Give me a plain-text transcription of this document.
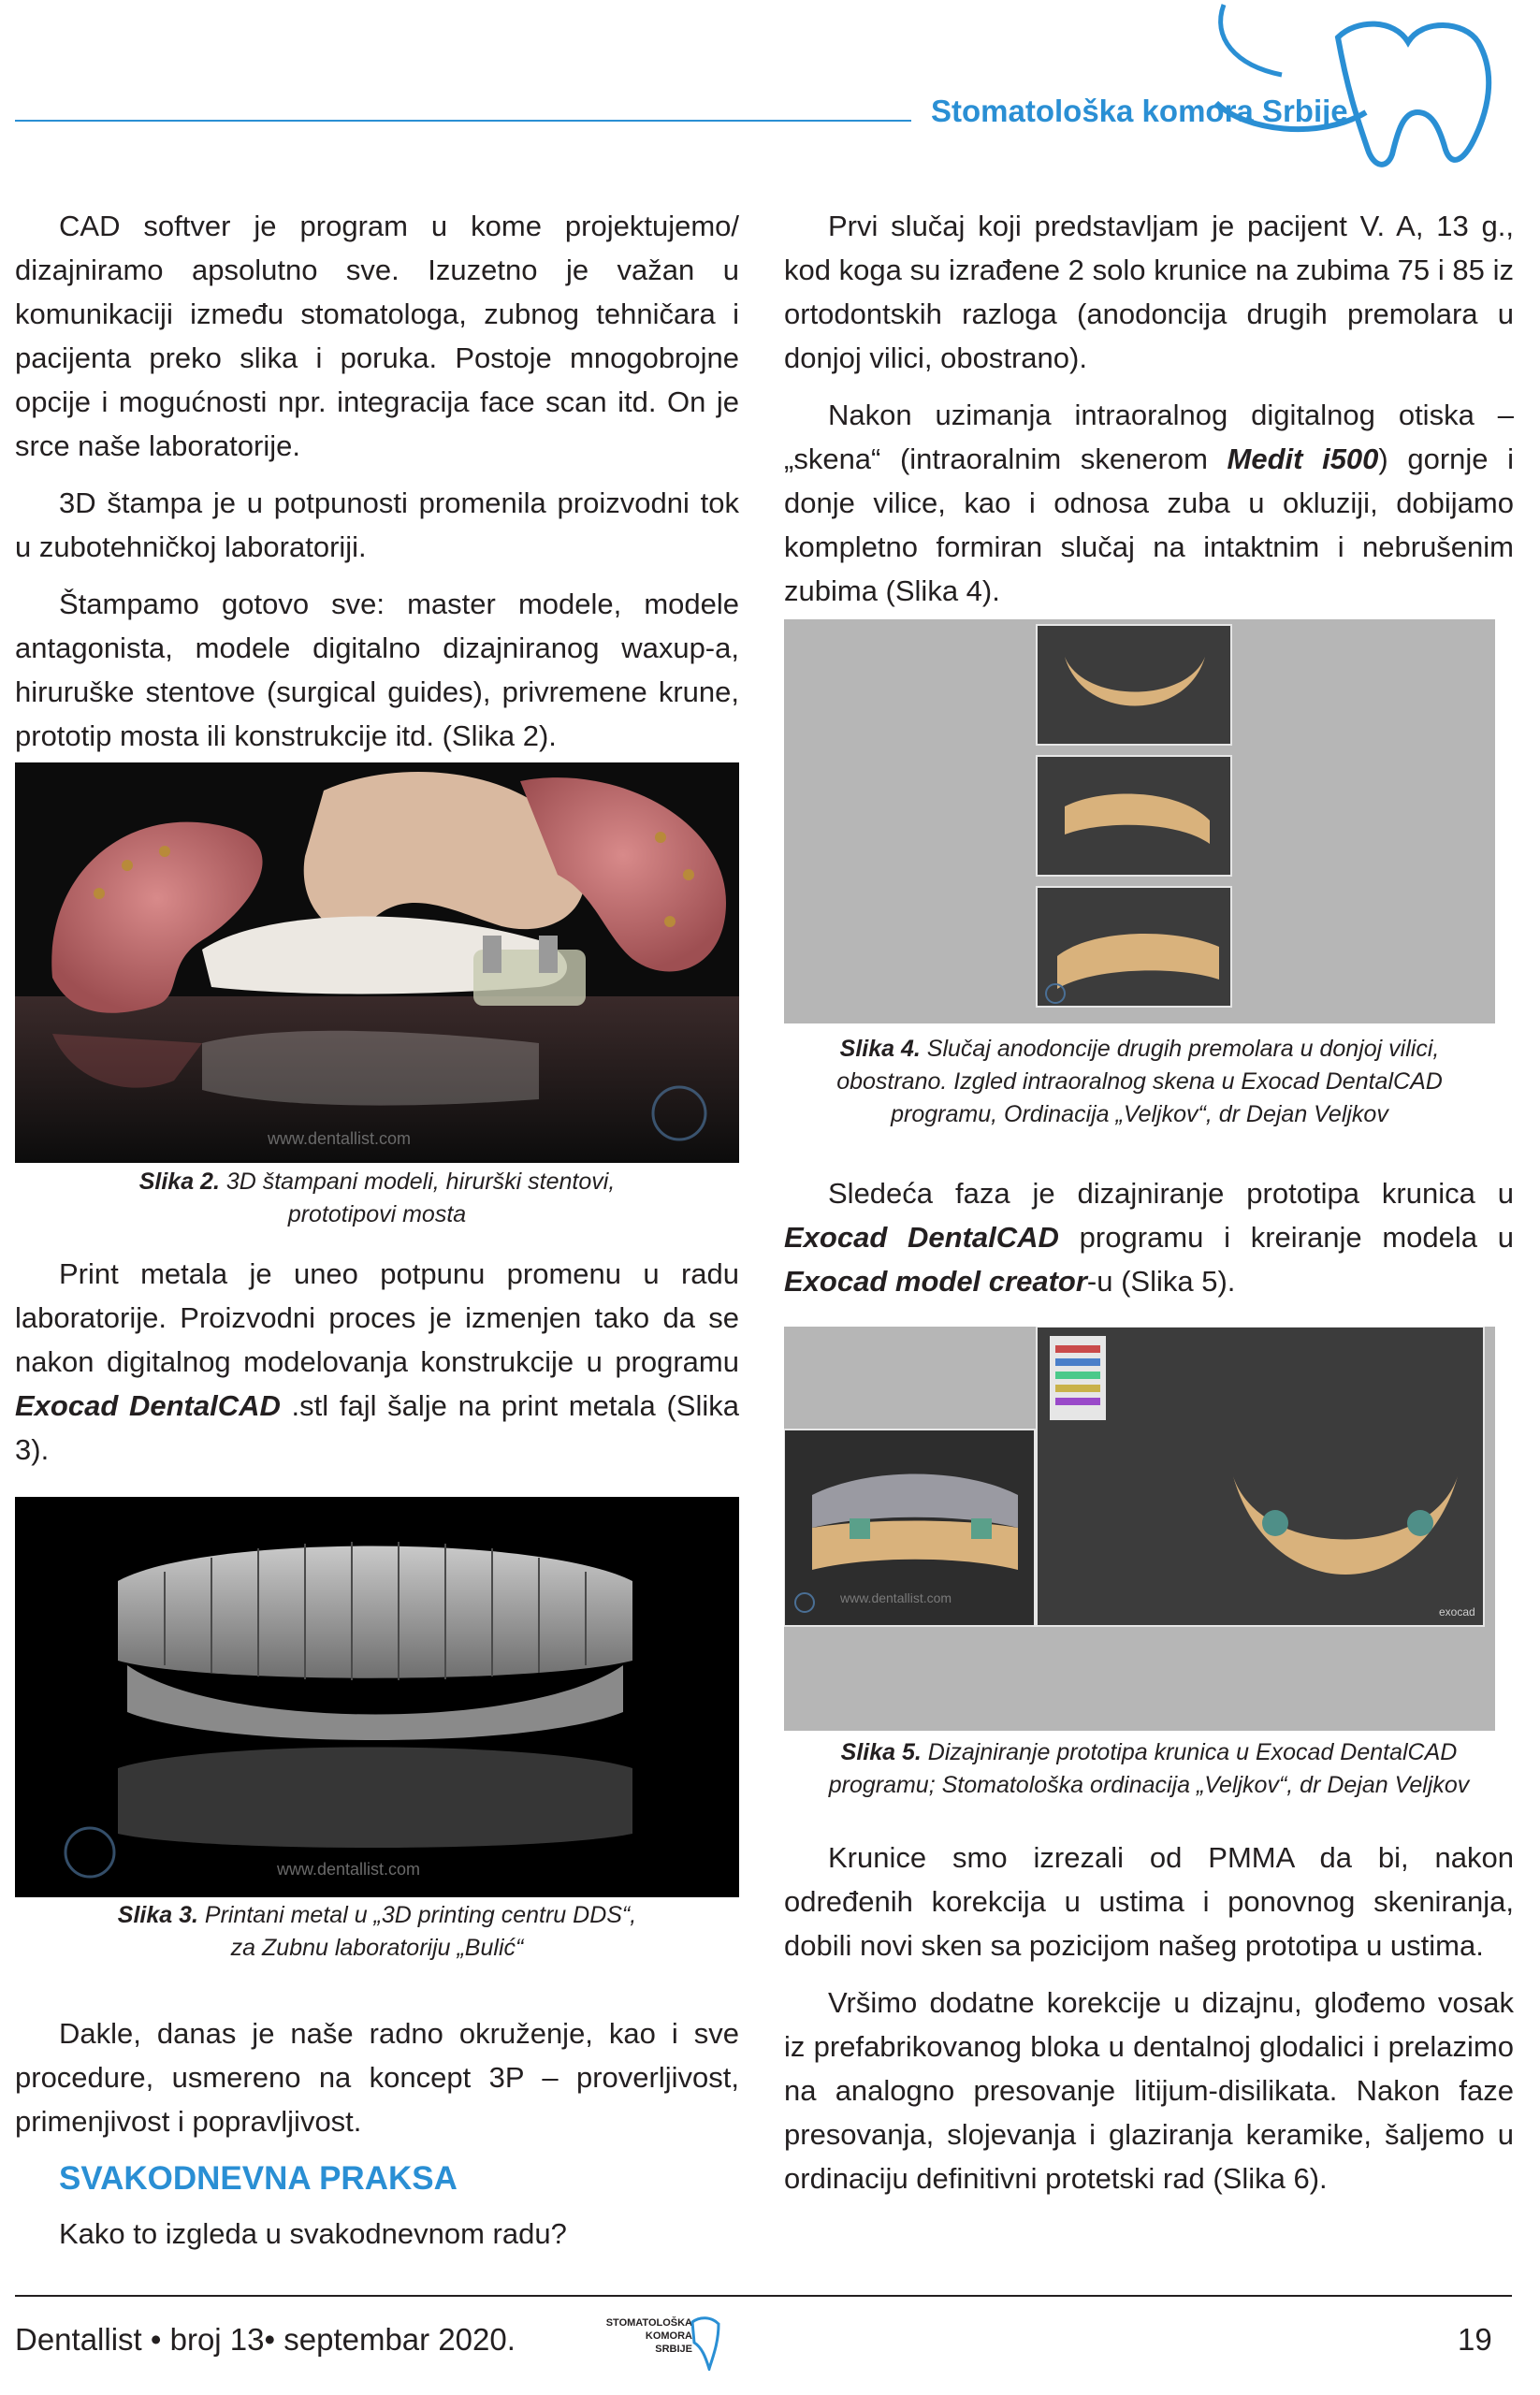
Stomatološka komora Srbije

CAD softver je program u kome projektujemo/ dizajniramo apsolutno sve. Izuzetno je važan u komunikaciji između stomatologa, zubnog tehničara i pacijenta preko slika i poruka. Postoje mnogobrojne opcije i mogućnosti npr. integracija face scan itd. On je srce naše laboratorije.

3D štampa je u potpunosti promenila proizvodni tok u zubotehničkoj laboratoriji.

Štampamo gotovo sve: master modele, modele antagonista, modele digitalno dizajniranog waxup-a, hiruruške stentove (surgical guides), privremene krune, prototip mosta ili konstrukcije itd. (Slika 2).

www.dentallist.com
Slika 2. 3D štampani modeli, hirurški stentovi,
prototipovi mosta

Print metala je uneo potpunu promenu u radu laboratorije. Proizvodni proces je izmenjen tako da se nakon digitalnog modelovanja konstrukcije u programu Exocad DentalCAD .stl fajl šalje na print metala (Slika 3).

www.dentallist.com
Slika 3. Printani metal u „3D printing centru DDS“,
za Zubnu laboratoriju „Bulić“

Dakle, danas je naše radno okruženje, kao i sve procedure, usmereno na koncept 3P – proverljivost, primenjivost i popravljivost.

SVAKODNEVNA PRAKSA

Kako to izgleda u svakodnevnom radu?

Prvi slučaj koji predstavljam je pacijent V. A, 13 g., kod koga su izrađene 2 solo krunice na zubima 75 i 85 iz ortodontskih razloga (anodoncija drugih premolara u donjoj vilici, obostrano).

Nakon uzimanja intraoralnog digitalnog otiska – „skena“ (intraoralnim skenerom Medit i500) gornje i donje vilice, kao i odnosa zuba u okluziji, dobijamo kompletno formiran slučaj na intaktnim i nebrušenim zubima (Slika 4).

Slika 4. Slučaj anodoncije drugih premolara u donjoj vilici,
obostrano. Izgled intraoralnog skena u Exocad DentalCAD
programu, Ordinacija „Veljkov“, dr Dejan Veljkov

Sledeća faza je dizajniranje prototipa krunica u Exocad DentalCAD programu i kreiranje modela u Exocad model creator-u (Slika 5).

www.dentallist.com
exocad
Slika 5. Dizajniranje prototipa krunica u Exocad DentalCAD
programu; Stomatološka ordinacija „Veljkov“, dr Dejan Veljkov

Krunice smo izrezali od PMMA da bi, nakon određenih korekcija u ustima i ponovnog skeniranja, dobili novi sken sa pozicijom našeg prototipa u ustima.

Vršimo dodatne korekcije u dizajnu, glođemo vosak iz prefabrikovanog bloka u dentalnoj glodalici i prelazimo na analogno presovanje litijum-disilikata. Nakon faze presovanja, slojevanja i glaziranja keramike, šaljemo u ordinaciju definitivni protetski rad (Slika 6).

Dentallist • broj 13• septembar 2020.	STOMATOLOŠKA
KOMORA
SRBIJE	19
